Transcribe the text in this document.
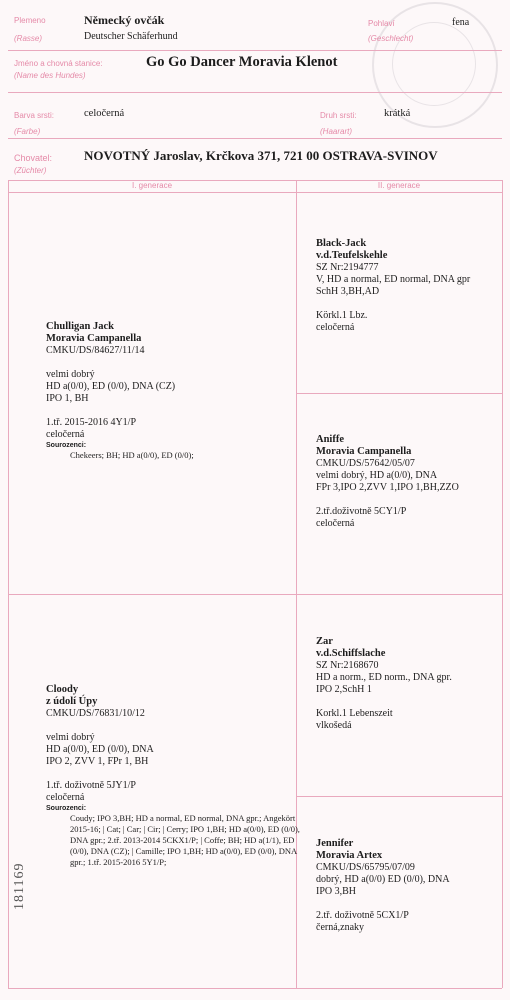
Plemeno
(Rasse)
Německý ovčák
Deutscher Schäferhund
Pohlaví
(Geschlecht)
fena
Jméno a chovná stanice:
(Name des Hundes)
Go Go Dancer Moravia Klenot
Barva srsti:
(Farbe)
celočerná	Druh srsti:
(Haarart)
krátká
Chovatel:
(Züchter)
NOVOTNÝ Jaroslav, Krčkova 371, 721 00 OSTRAVA-SVINOV
I. generace	II. generace
Chulligan Jack
Moravia Campanella
CMKU/DS/84627/11/14
velmi dobrý
HD a(0/0), ED (0/0), DNA (CZ)
IPO 1, BH
1.tř. 2015-2016 4Y1/P
celočerná
Sourozenci:
Chekeers; BH; HD a(0/0), ED (0/0);
Cloody
z údolí Úpy
CMKU/DS/76831/10/12
velmi dobrý
HD a(0/0), ED (0/0), DNA
IPO 2, ZVV 1, FPr 1, BH
1.tř. doživotně 5JY1/P
celočerná
Sourozenci:
Coudy; IPO 3,BH; HD a normal, ED normal, DNA gpr.; Angekört 2015-16; | Cat; | Car; | Cir; | Cerry; IPO 1,BH; HD a(0/0), ED (0/0), DNA gpr.; 2.tř. 2013-2014 5CKX1/P; | Coffe; BH; HD a(1/1), ED (0/0), DNA (CZ); | Camille; IPO 1,BH; HD a(0/0), ED (0/0), DNA gpr.; 1.tř. 2015-2016 5Y1/P;
Black-Jack
v.d.Teufelskehle
SZ Nr:2194777
V, HD a normal, ED normal, DNA gpr
SchH 3,BH,AD
Körkl.1 Lbz.
celočerná
Aniffe
Moravia Campanella
CMKU/DS/57642/05/07
velmi dobrý, HD a(0/0), DNA
FPr 3,IPO 2,ZVV 1,IPO 1,BH,ZZO
2.tř.doživotně 5CY1/P
celočerná
Zar
v.d.Schiffslache
SZ Nr:2168670
HD a norm., ED norm., DNA gpr.
IPO 2,SchH 1
Korkl.1 Lebenszeit
vlkošedá
Jennifer
Moravia Artex
CMKU/DS/65795/07/09
dobrý, HD a(0/0) ED (0/0), DNA
IPO 3,BH
2.tř. doživotně 5CX1/P
černá,znaky
181169
